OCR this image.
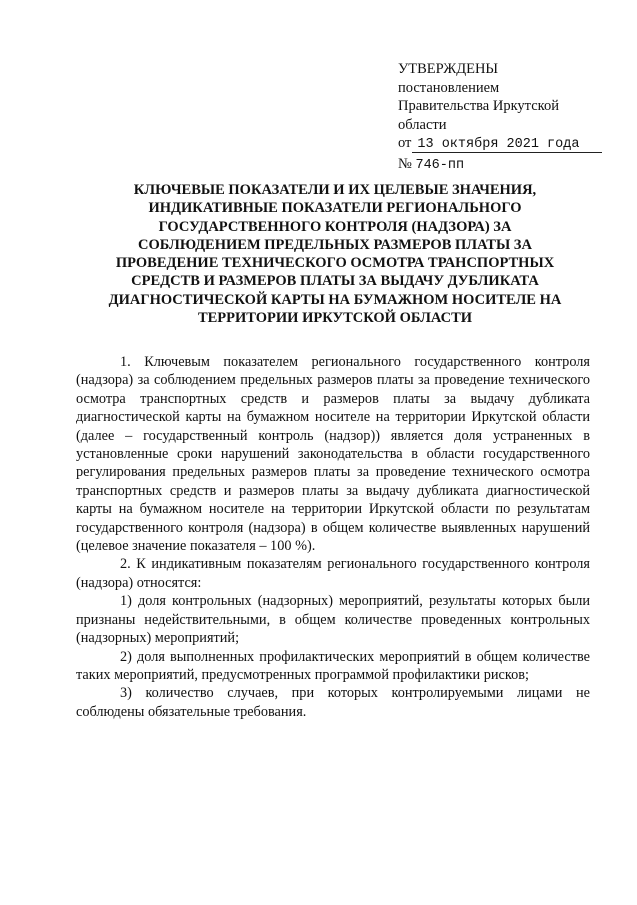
УТВЕРЖДЕНЫ
постановлением
Правительства Иркутской
области
от 13 октября 2021 года
№ 746-пп
КЛЮЧЕВЫЕ ПОКАЗАТЕЛИ И ИХ ЦЕЛЕВЫЕ ЗНАЧЕНИЯ,
ИНДИКАТИВНЫЕ ПОКАЗАТЕЛИ РЕГИОНАЛЬНОГО
ГОСУДАРСТВЕННОГО КОНТРОЛЯ (НАДЗОРА) ЗА
СОБЛЮДЕНИЕМ ПРЕДЕЛЬНЫХ РАЗМЕРОВ ПЛАТЫ ЗА
ПРОВЕДЕНИЕ ТЕХНИЧЕСКОГО ОСМОТРА ТРАНСПОРТНЫХ
СРЕДСТВ И РАЗМЕРОВ ПЛАТЫ ЗА ВЫДАЧУ ДУБЛИКАТА
ДИАГНОСТИЧЕСКОЙ КАРТЫ НА БУМАЖНОМ НОСИТЕЛЕ НА
ТЕРРИТОРИИ ИРКУТСКОЙ ОБЛАСТИ

1. Ключевым показателем регионального государственного контроля (надзора) за соблюдением предельных размеров платы за проведение технического осмотра транспортных средств и размеров платы за выдачу дубликата диагностической карты на бумажном носителе на территории Иркутской области (далее – государственный контроль (надзор)) является доля устраненных в установленные сроки нарушений законодательства в области государственного регулирования предельных размеров платы за проведение технического осмотра транспортных средств и размеров платы за выдачу дубликата диагностической карты на бумажном носителе на территории Иркутской области по результатам государственного контроля (надзора) в общем количестве выявленных нарушений (целевое значение показателя – 100 %).

2. К индикативным показателям регионального государственного контроля (надзора) относятся:

1) доля контрольных (надзорных) мероприятий, результаты которых были признаны недействительными, в общем количестве проведенных контрольных (надзорных) мероприятий;

2) доля выполненных профилактических мероприятий в общем количестве таких мероприятий, предусмотренных программой профилактики рисков;

3) количество случаев, при которых контролируемыми лицами не соблюдены обязательные требования.
